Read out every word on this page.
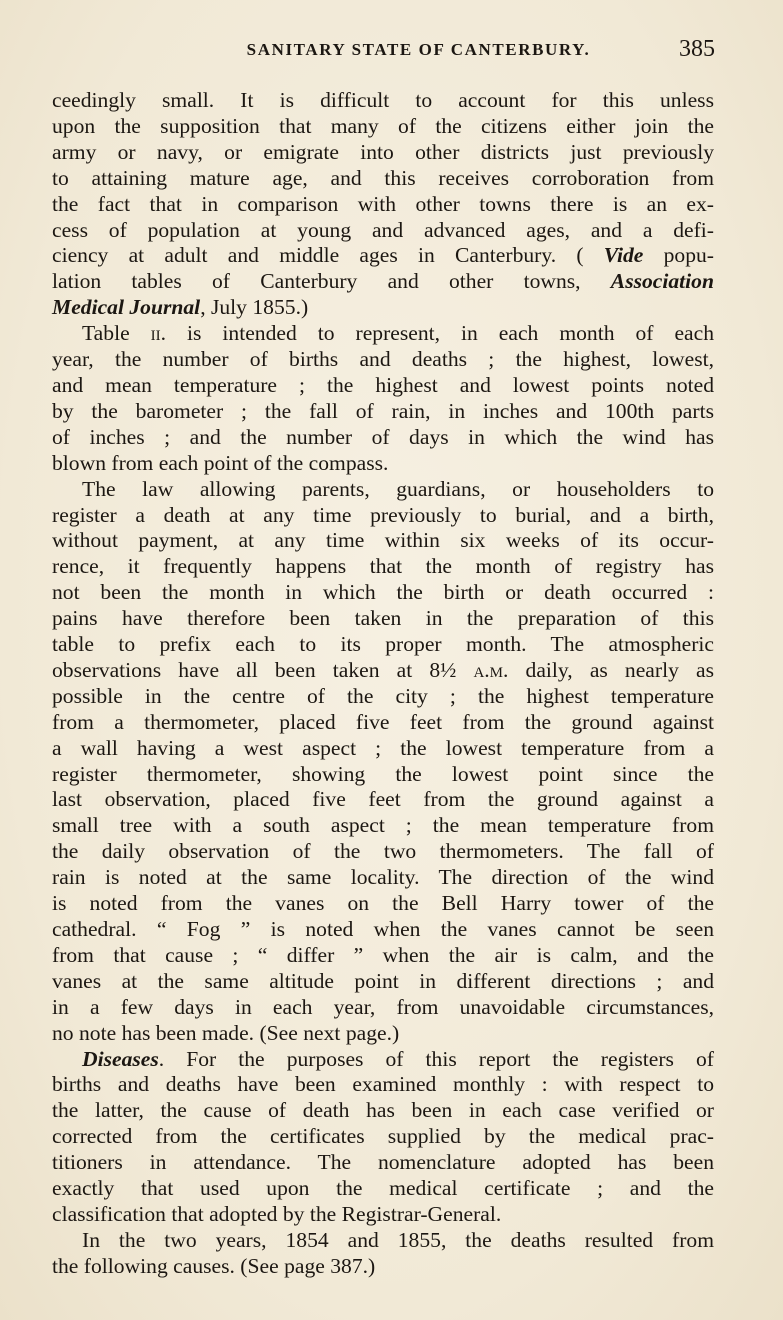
SANITARY STATE OF CANTERBURY.	385
ceedingly small. It is difficult to account for this unless
upon the supposition that many of the citizens either join the
army or navy, or emigrate into other districts just previously
to attaining mature age, and this receives corroboration from
the fact that in comparison with other towns there is an ex-
cess of population at young and advanced ages, and a defi-
ciency at adult and middle ages in Canterbury. ( Vide popu-
lation tables of Canterbury and other towns, Association
Medical Journal, July 1855.)
Table ii. is intended to represent, in each month of each
year, the number of births and deaths ; the highest, lowest,
and mean temperature ; the highest and lowest points noted
by the barometer ; the fall of rain, in inches and 100th parts
of inches ; and the number of days in which the wind has
blown from each point of the compass.
The law allowing parents, guardians, or householders to
register a death at any time previously to burial, and a birth,
without payment, at any time within six weeks of its occur-
rence, it frequently happens that the month of registry has
not been the month in which the birth or death occurred :
pains have therefore been taken in the preparation of this
table to prefix each to its proper month. The atmospheric
observations have all been taken at 8½ a.m. daily, as nearly as
possible in the centre of the city ; the highest temperature
from a thermometer, placed five feet from the ground against
a wall having a west aspect ; the lowest temperature from a
register thermometer, showing the lowest point since the
last observation, placed five feet from the ground against a
small tree with a south aspect ; the mean temperature from
the daily observation of the two thermometers. The fall of
rain is noted at the same locality. The direction of the wind
is noted from the vanes on the Bell Harry tower of the
cathedral. “ Fog ” is noted when the vanes cannot be seen
from that cause ; “ differ ” when the air is calm, and the
vanes at the same altitude point in different directions ; and
in a few days in each year, from unavoidable circumstances,
no note has been made. (See next page.)
Diseases. For the purposes of this report the registers of
births and deaths have been examined monthly : with respect to
the latter, the cause of death has been in each case verified or
corrected from the certificates supplied by the medical prac-
titioners in attendance. The nomenclature adopted has been
exactly that used upon the medical certificate ; and the
classification that adopted by the Registrar-General.
In the two years, 1854 and 1855, the deaths resulted from
the following causes. (See page 387.)
